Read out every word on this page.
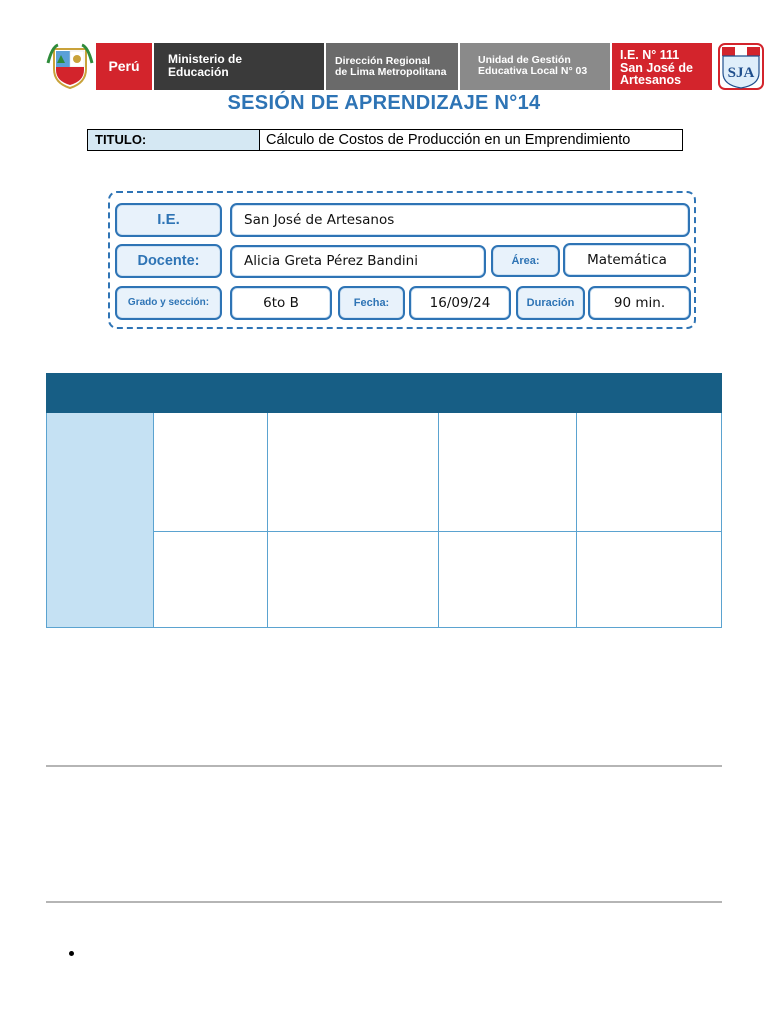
Perú	Ministerio de
Educación
Dirección Regional
de Lima Metropolitana
Unidad de Gestión
Educativa Local N° 03
I.E. N° 111
San José de
Artesanos	SJA
SESIÓN DE APRENDIZAJE N°14
TITULO:	Cálculo de Costos de Producción en un Emprendimiento
I.E.	San José de Artesanos
Docente:	Alicia Greta Pérez Bandini	Área:	Matemática
Grado y sección:	6to B	Fecha:	16/09/24	Duración	90 min.
